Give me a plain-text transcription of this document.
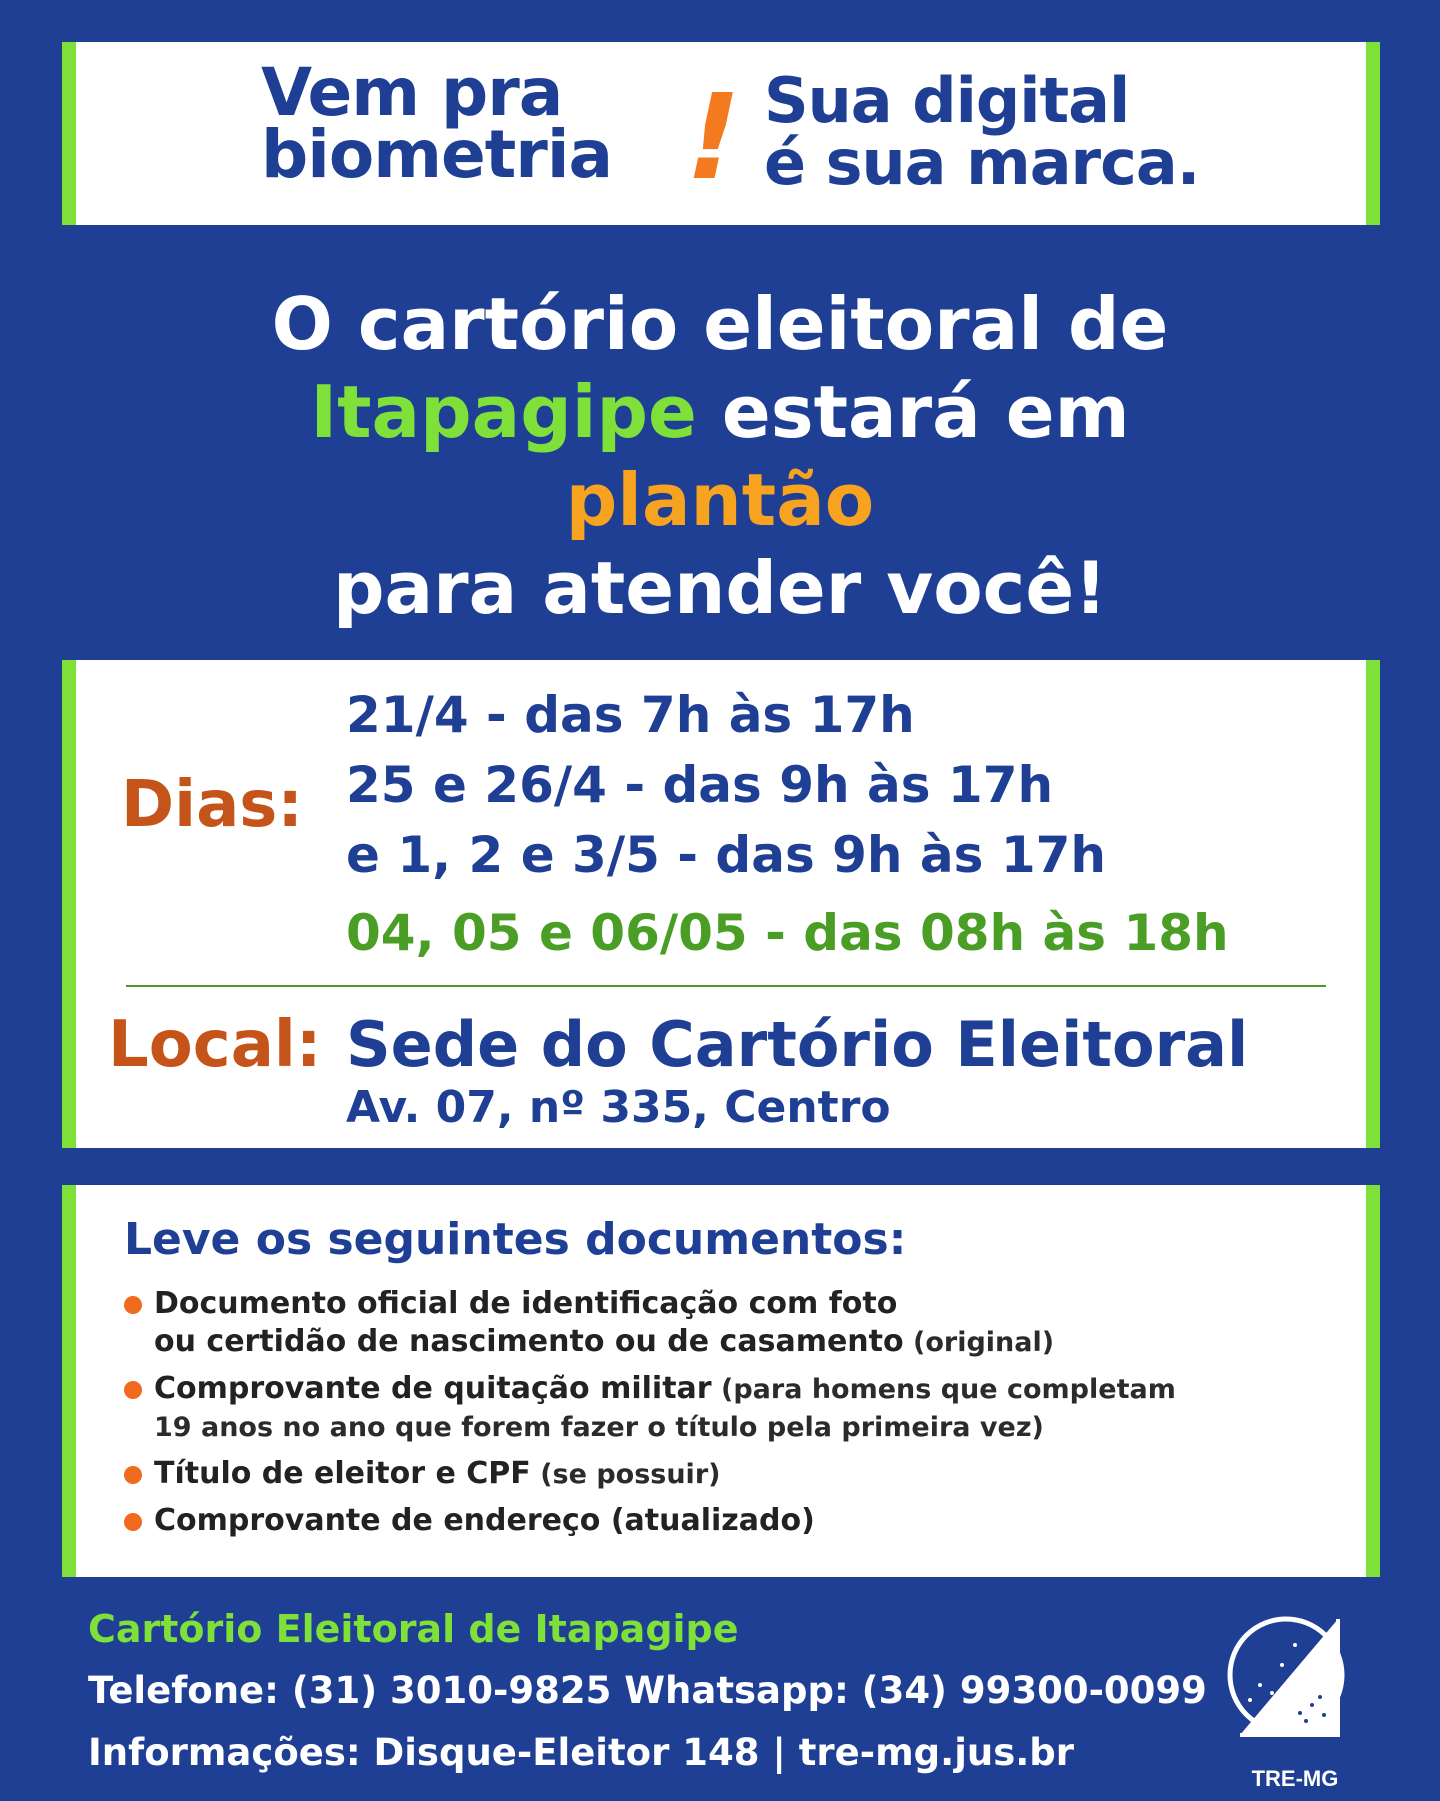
Vem pra
biometria ! Sua digital
é sua marca.
O cartório eleitoral de
Itapagipe estará em
plantão
para atender você!
Dias:
21/4 - das 7h às 17h
25 e 26/4 - das 9h às 17h
e 1, 2 e 3/5 - das 9h às 17h
04, 05 e 06/05 - das 08h às 18h
Local: Sede do Cartório Eleitoral
Av. 07, nº 335, Centro
Leve os seguintes documentos:
Documento oficial de identificação com foto
ou certidão de nascimento ou de casamento (original)
Comprovante de quitação militar (para homens que completam
19 anos no ano que forem fazer o título pela primeira vez)
Título de eleitor e CPF (se possuir)
Comprovante de endereço (atualizado)
Cartório Eleitoral de Itapagipe
Telefone: (31) 3010-9825 Whatsapp: (34) 99300-0099
Informações: Disque-Eleitor 148 | tre-mg.jus.br
TRE-MG
